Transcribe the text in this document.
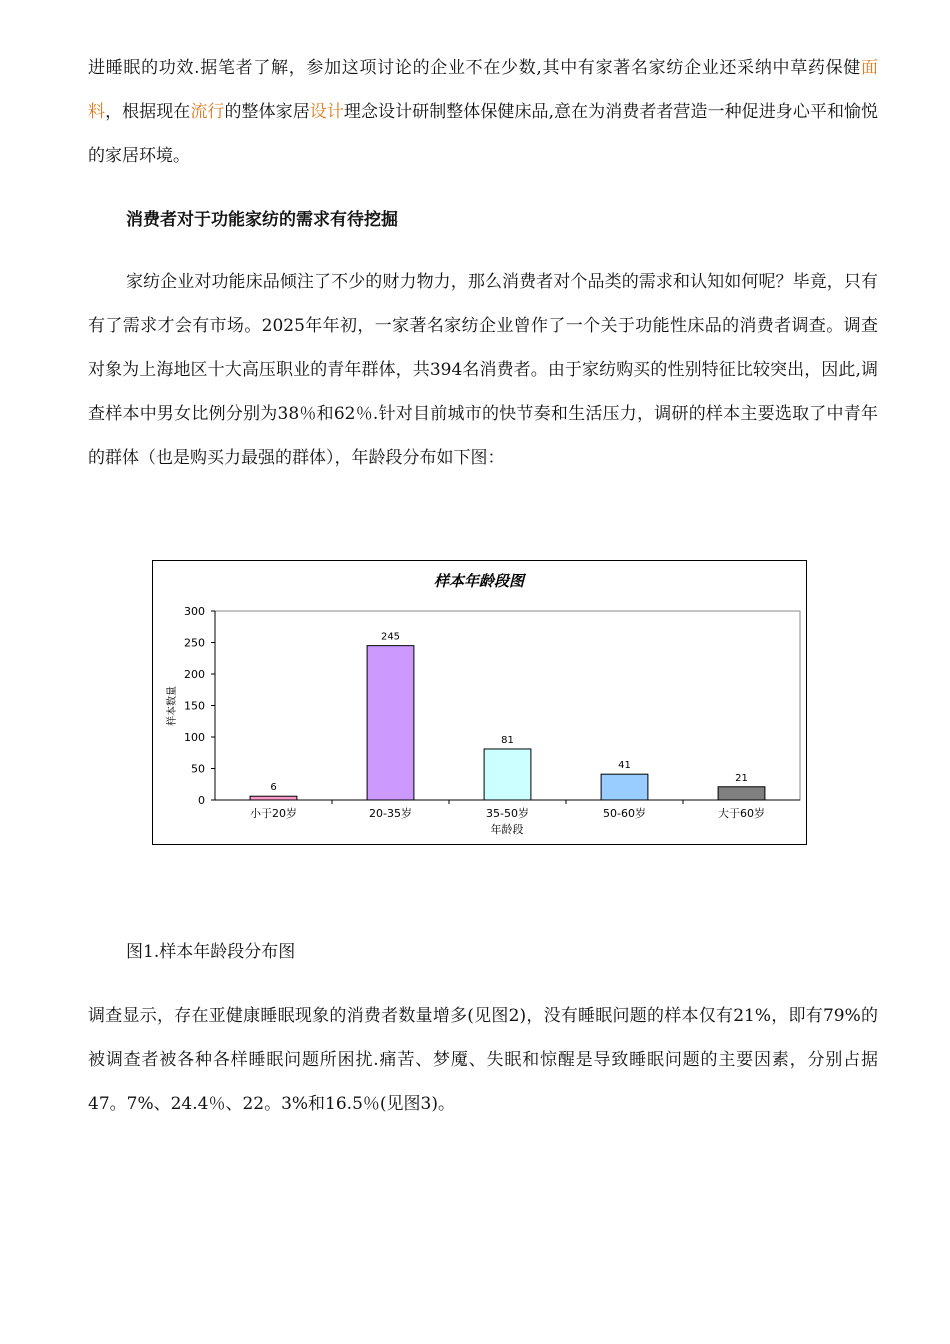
进睡眠的功效.据笔者了解，参加这项讨论的企业不在少数,其中有家著名家纺企业还采纳中草药保健面料，根据现在流行的整体家居设计理念设计研制整体保健床品,意在为消费者者营造一种促进身心平和愉悦的家居环境。

消费者对于功能家纺的需求有待挖掘

家纺企业对功能床品倾注了不少的财力物力，那么消费者对个品类的需求和认知如何呢？毕竟，只有有了需求才会有市场。2025年年初，一家著名家纺企业曾作了一个关于功能性床品的消费者调查。调查对象为上海地区十大高压职业的青年群体，共394名消费者。由于家纺购买的性别特征比较突出，因此,调查样本中男女比例分别为38％和62％.针对目前城市的快节奏和生活压力，调研的样本主要选取了中青年的群体（也是购买力最强的群体），年龄段分布如下图：

样本年龄段图
0
50
100
150
200
250
300
6
245
81
41
21
小于20岁	20-35岁	35-50岁	50-60岁	大于60岁
样本数量
年龄段

图1.样本年龄段分布图

调查显示，存在亚健康睡眠现象的消费者数量增多(见图2)，没有睡眠问题的样本仅有21%，即有79%的被调查者被各种各样睡眠问题所困扰.痛苦、梦魇、失眠和惊醒是导致睡眠问题的主要因素，分别占据47。7%、24.4％、22。3%和16.5％(见图3)。
